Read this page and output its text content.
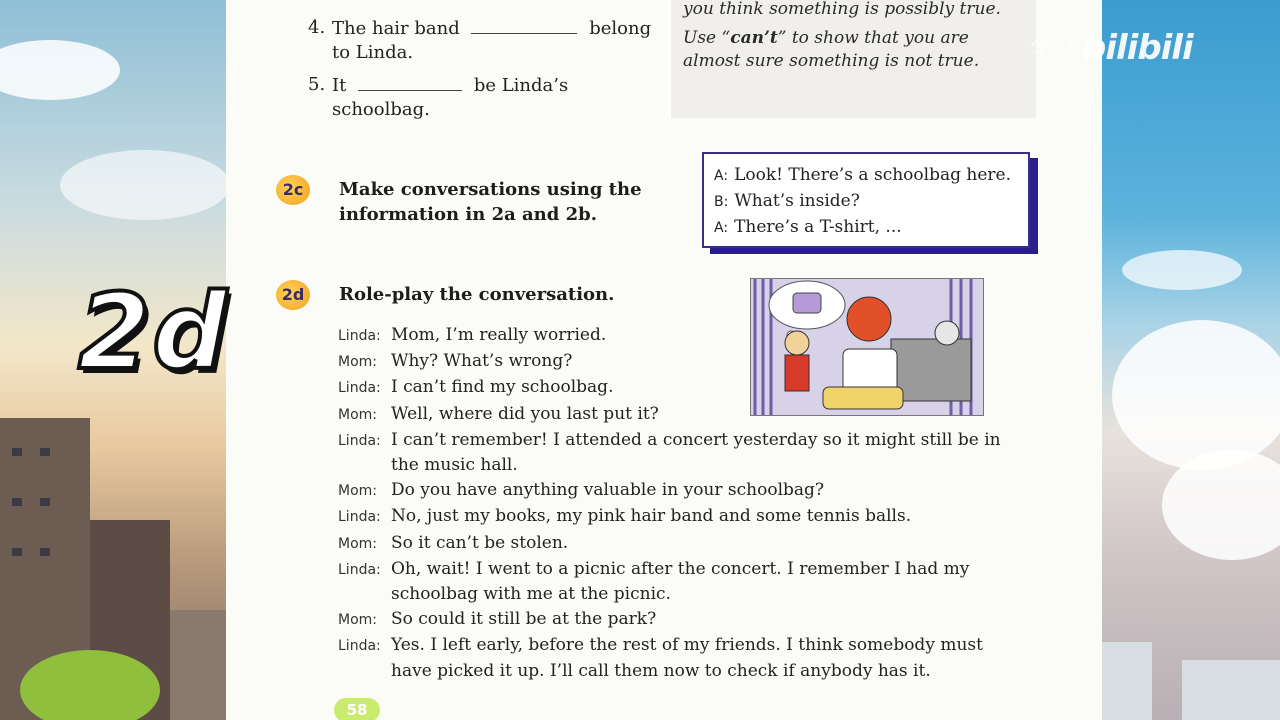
4. The hair band	belong to Linda.
5. It	be Linda’s schoolbag.

you think something is possibly true.

Use “can’t” to show that you are almost sure something is not true.

2c	Make conversations using the information in 2a and 2b.
A: Look! There’s a schoolbag here.
B: What’s inside?
A: There’s a T-shirt, ...
2d	Role-play the conversation.
Linda: Mom, I’m really worried.
Mom: Why? What’s wrong?
Linda: I can’t find my schoolbag.
Mom: Well, where did you last put it?
Linda: I can’t remember! I attended a concert yesterday so it might still be in the music hall.
Mom: Do you have anything valuable in your schoolbag?
Linda: No, just my books, my pink hair band and some tennis balls.
Mom: So it can’t be stolen.
Linda: Oh, wait! I went to a picnic after the concert. I remember I had my schoolbag with me at the picnic.
Mom: So could it still be at the park?
Linda: Yes. I left early, before the rest of my friends. I think somebody must have picked it up. I’ll call them now to check if anybody has it.
58
2d
学习 bilibili
